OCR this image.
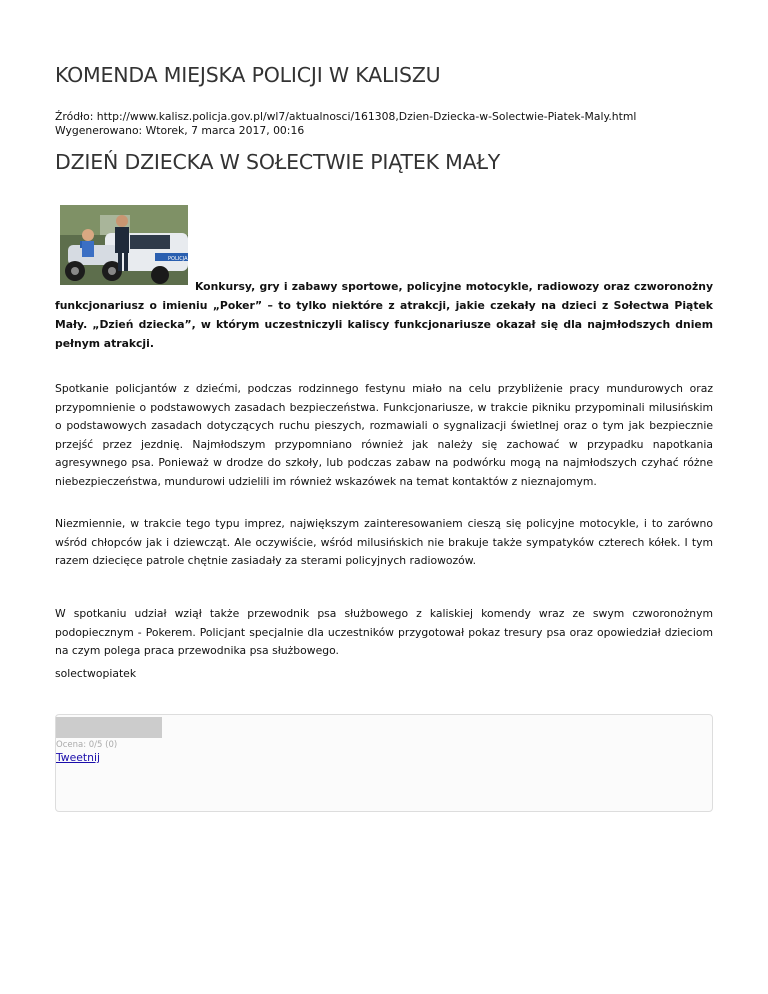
KOMENDA MIEJSKA POLICJI W KALISZU
Źródło: http://www.kalisz.policja.gov.pl/wl7/aktualnosci/161308,Dzien-Dziecka-w-Solectwie-Piatek-Maly.html
Wygenerowano: Wtorek, 7 marca 2017, 00:16
DZIEŃ DZIECKA W SOŁECTWIE PIĄTEK MAŁY
POLICJA
Konkursy, gry i zabawy sportowe, policyjne motocykle, radiowozy oraz czworonożny funkcjonariusz o imieniu „Poker” – to tylko niektóre z atrakcji, jakie czekały na dzieci z Sołectwa Piątek Mały. „Dzień dziecka”, w którym uczestniczyli kaliscy funkcjonariusze okazał się dla najmłodszych dniem pełnym atrakcji.

Spotkanie policjantów z dziećmi, podczas rodzinnego festynu miało na celu przybliżenie pracy mundurowych oraz przypomnienie o podstawowych zasadach bezpieczeństwa. Funkcjonariusze, w trakcie pikniku przypominali milusińskim o podstawowych zasadach dotyczących ruchu pieszych, rozmawiali o sygnalizacji świetlnej oraz o tym jak bezpiecznie przejść przez jezdnię. Najmłodszym przypomniano również jak należy się zachować w przypadku napotkania agresywnego psa. Ponieważ w drodze do szkoły, lub podczas zabaw na podwórku mogą na najmłodszych czyhać różne niebezpieczeństwa, mundurowi udzielili im również wskazówek na temat kontaktów z nieznajomym.

Niezmiennie, w trakcie tego typu imprez, największym zainteresowaniem cieszą się policyjne motocykle, i to zarówno wśród chłopców jak i dziewcząt. Ale oczywiście, wśród milusińskich nie brakuje także sympatyków czterech kółek. I tym razem dziecięce patrole chętnie zasiadały za sterami policyjnych radiowozów.

W spotkaniu udział wziął także przewodnik psa służbowego z kaliskiej komendy wraz ze swym czworonożnym podopiecznym - Pokerem. Policjant specjalnie dla uczestników przygotował pokaz tresury psa oraz opowiedział dzieciom na czym polega praca przewodnika psa służbowego.

solectwopiatek
Ocena: 0/5 (0)
Tweetnij
